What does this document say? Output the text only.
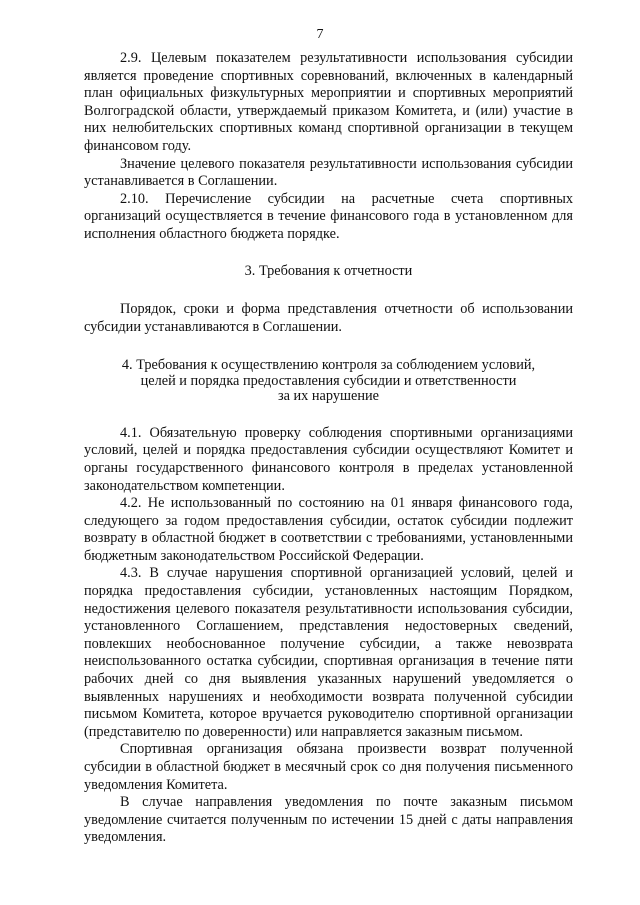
7

2.9. Целевым показателем результативности использования субсидии является проведение спортивных соревнований, включенных в календарный план официальных физкультурных мероприятии и спортивных мероприятий Волгоградской области, утверждаемый приказом Комитета, и (или) участие в них нелюбительских спортивных команд спортивной организации в текущем финансовом году.

Значение целевого показателя результативности использования субсидии устанавливается в Соглашении.

2.10. Перечисление субсидии на расчетные счета спортивных организаций осуществляется в течение финансового года в установленном для исполнения областного бюджета порядке.

3. Требования к отчетности

Порядок, сроки и форма представления отчетности об использовании субсидии устанавливаются в Соглашении.

4. Требования к осуществлению контроля за соблюдением условий,

целей и порядка предоставления субсидии и ответственности

за их нарушение

4.1. Обязательную проверку соблюдения спортивными организациями условий, целей и порядка предоставления субсидии осуществляют Комитет и органы государственного финансового контроля в пределах установленной законодательством компетенции.

4.2. Не использованный по состоянию на 01 января финансового года, следующего за годом предоставления субсидии, остаток субсидии подлежит возврату в областной бюджет в соответствии с требованиями, установленными бюджетным законодательством Российской Федерации.

4.3. В случае нарушения спортивной организацией условий, целей и порядка предоставления субсидии, установленных настоящим Порядком, недостижения целевого показателя результативности использования субсидии, установленного Соглашением, представления недостоверных сведений, повлекших необоснованное получение субсидии, а также невозврата неиспользованного остатка субсидии, спортивная организация в течение пяти рабочих дней со дня выявления указанных нарушений уведомляется о выявленных нарушениях и необходимости возврата полученной субсидии письмом Комитета, которое вручается руководителю спортивной организации (представителю по доверенности) или направляется заказным письмом.

Спортивная организация обязана произвести возврат полученной субсидии в областной бюджет в месячный срок со дня получения письменного уведомления Комитета.

В случае направления уведомления по почте заказным письмом уведомление считается полученным по истечении 15 дней с даты направления уведомления.
